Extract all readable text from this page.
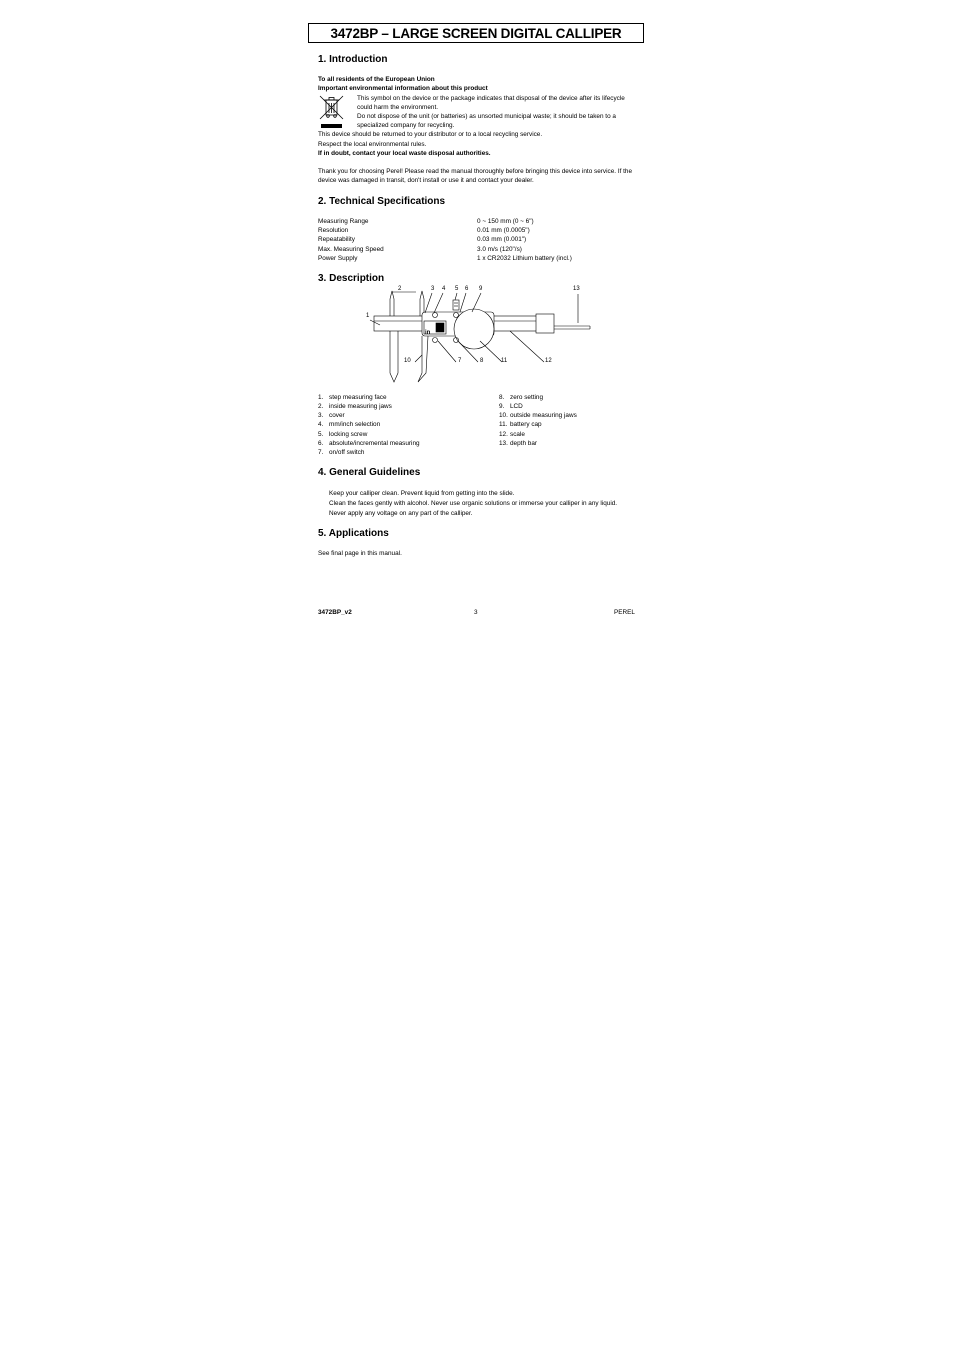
3472BP – LARGE SCREEN DIGITAL CALLIPER
1. Introduction
To all residents of the European Union
Important environmental information about this product
This symbol on the device or the package indicates that disposal of the device after its lifecycle
could harm the environment.
Do not dispose of the unit (or batteries) as unsorted municipal waste; it should be taken to a
specialized company for recycling.
This device should be returned to your distributor or to a local recycling service.
Respect the local environmental rules.
If in doubt, contact your local waste disposal authorities.
Thank you for choosing Perel! Please read the manual thoroughly before bringing this device into service. If the
device was damaged in transit, don't install or use it and contact your dealer.
2. Technical Specifications
Measuring Range	0 ~ 150 mm (0 ~ 6")
Resolution	0.01 mm (0.0005")
Repeatability	0.03 mm (0.001")
Max. Measuring Speed	3.0 m/s (120"/s)
Power Supply	1 x CR2032 Lithium battery (incl.)
3. Description
1
2	3 4 5 6 9	13
10	7	8	11	12
in
1. step measuring face
2. inside measuring jaws
3. cover
4. mm/inch selection
5. locking screw
6. absolute/incremental measuring
7. on/off switch
8. zero setting
9. LCD
10. outside measuring jaws
11. battery cap
12. scale
13. depth bar
4. General Guidelines
Keep your calliper clean. Prevent liquid from getting into the slide.
Clean the faces gently with alcohol. Never use organic solutions or immerse your calliper in any liquid.
Never apply any voltage on any part of the calliper.
5. Applications
See final page in this manual.
3472BP_v2	3	PEREL
